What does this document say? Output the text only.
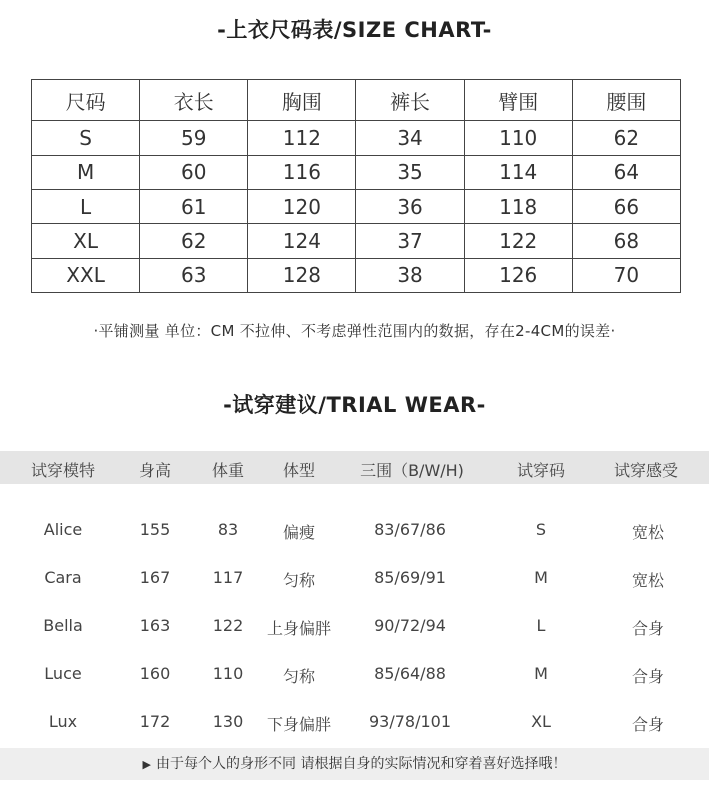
-上衣尺码表/SIZE CHART-
尺码	衣长	胸围	裤长	臂围	腰围
S	59	112	34	110	62
M	60	116	35	114	64
L	61	120	36	118	66
XL	62	124	37	122	68
XXL	63	128	38	126	70
·平铺测量 单位：CM 不拉伸、不考虑弹性范围内的数据，存在2-4CM的误差·
-试穿建议/TRIAL WEAR-
试穿模特	身高	体重 体型	三围（B/W/H)	试穿码	试穿感受
Alice	155	83	偏瘦	83/67/86	S	宽松
Cara	167	117 匀称	85/69/91	M	宽松
Bella	163	122 上身偏胖	90/72/94	L	合身
Luce	160	110 匀称	85/64/88	M	合身
Lux	172	130 下身偏胖 93/78/101	XL	合身
▶ 由于每个人的身形不同 请根据自身的实际情况和穿着喜好选择哦！
